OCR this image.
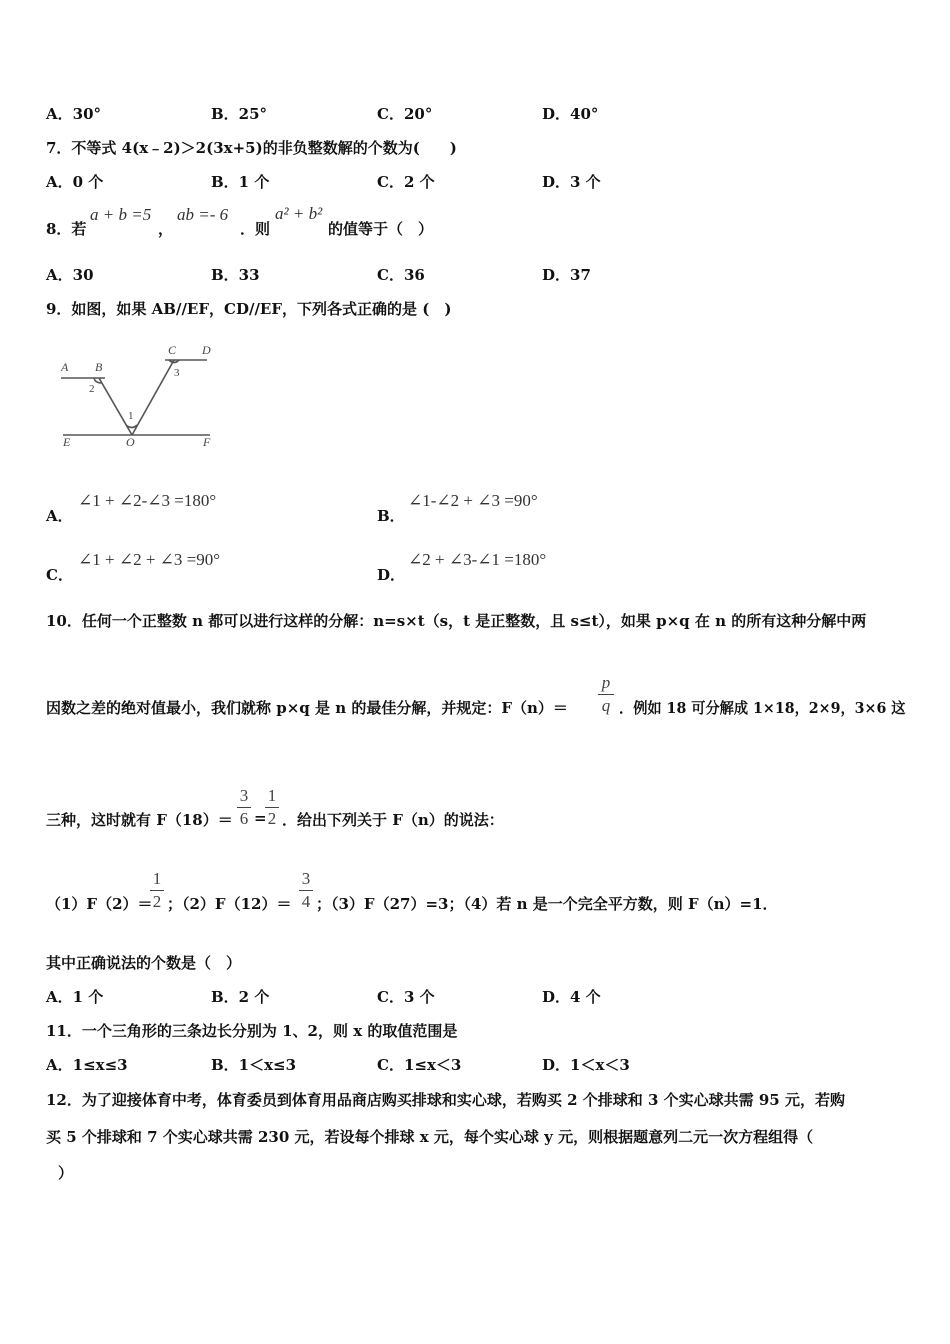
A．30°	B．25°	C．20°	D．40°
7．不等式 4(x﹣2)＞2(3x+5)的非负整数解的个数为(　　)
A．0 个	B．1 个	C．2 个	D．3 个
8．若
a + b =5
，
ab =- 6
．则
a² + b²
的值等于（　）
A．30	B．33	C．36	D．37
9．如图，如果 AB//EF，CD//EF，下列各式正确的是 (　)
A B
C D
E	O	F
2
3
1
A．
∠1 + ∠2-∠3 =180°
B．
∠1-∠2 + ∠3 =90°
C．
∠1 + ∠2 + ∠3 =90°
D．
∠2 + ∠3-∠1 =180°
10．任何一个正整数 n 都可以进行这样的分解：n=s×t（s，t 是正整数，且 s≤t），如果 p×q 在 n 的所有这种分解中两
因数之差的绝对值最小，我们就称 p×q 是 n 的最佳分解，并规定：F（n）＝
p
q ．例如 18 可分解成 1×18，2×9，3×6 这
三种，这时就有 F（18）＝
3
6 =
1
2 ．给出下列关于 F（n）的说法：
（1）F（2）＝
1
2 ；（2）F（12）＝
3
4 ；（3）F（27）=3；（4）若 n 是一个完全平方数，则 F（n）=1．
其中正确说法的个数是（　）
A．1 个	B．2 个	C．3 个	D．4 个
11．一个三角形的三条边长分别为 1、2，则 x 的取值范围是
A．1≤x≤3	B．1＜x≤3	C．1≤x＜3	D．1＜x＜3
12．为了迎接体育中考，体育委员到体育用品商店购买排球和实心球，若购买 2 个排球和 3 个实心球共需 95 元，若购
买 5 个排球和 7 个实心球共需 230 元，若设每个排球 x 元，每个实心球 y 元，则根据题意列二元一次方程组得（
）
